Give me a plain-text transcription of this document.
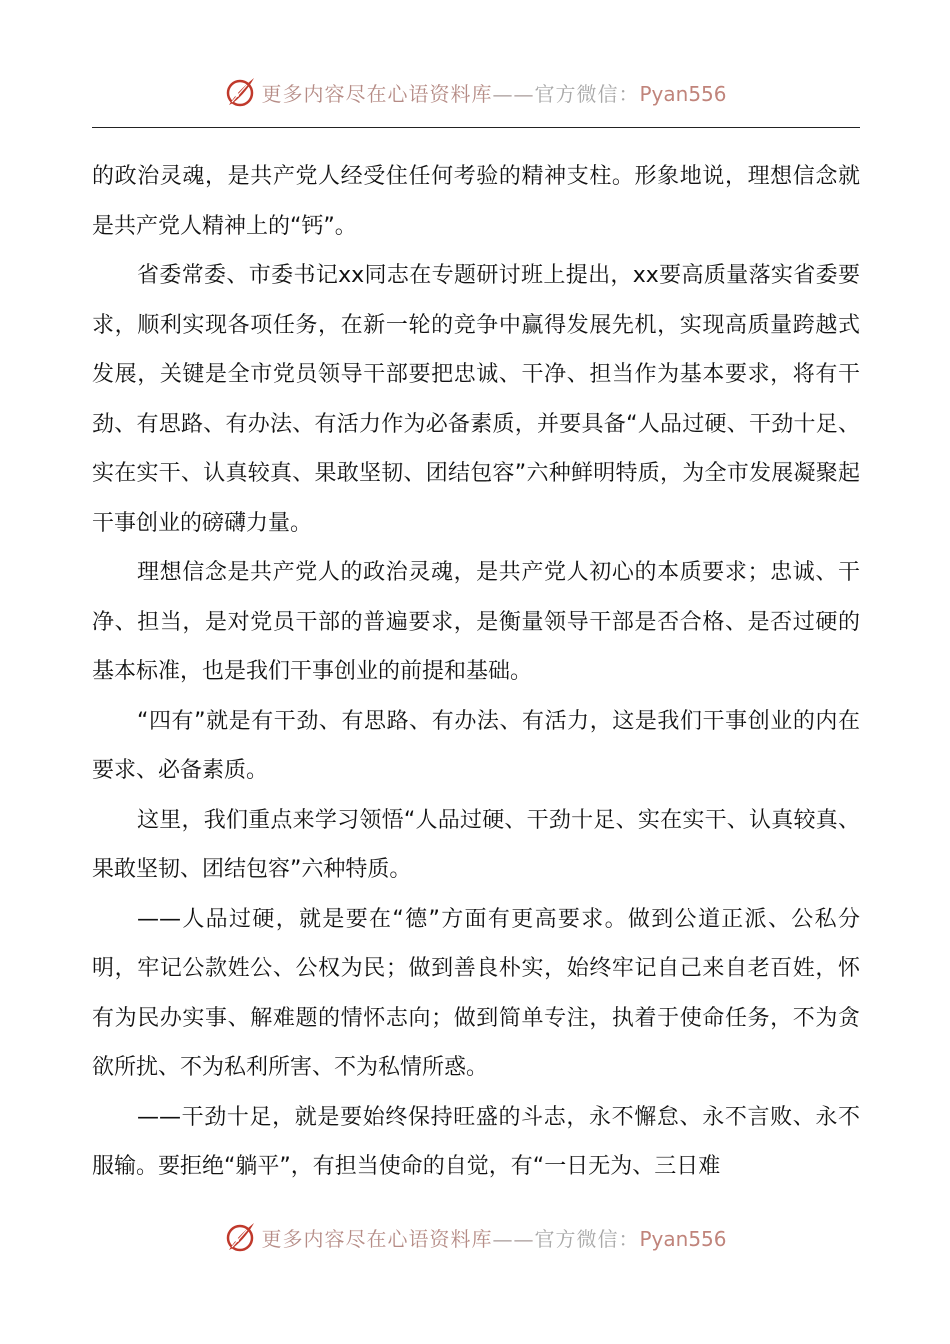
更多内容尽在心语资料库——官方微信：Pyan556

的政治灵魂，是共产党人经受住任何考验的精神支柱。形象地说，理想信念就是共产党人精神上的“钙”。

省委常委、市委书记xx同志在专题研讨班上提出，xx要高质量落实省委要求，顺利实现各项任务，在新一轮的竞争中赢得发展先机，实现高质量跨越式发展，关键是全市党员领导干部要把忠诚、干净、担当作为基本要求，将有干劲、有思路、有办法、有活力作为必备素质，并要具备“人品过硬、干劲十足、实在实干、认真较真、果敢坚韧、团结包容”六种鲜明特质，为全市发展凝聚起干事创业的磅礴力量。

理想信念是共产党人的政治灵魂，是共产党人初心的本质要求；忠诚、干净、担当，是对党员干部的普遍要求，是衡量领导干部是否合格、是否过硬的基本标准，也是我们干事创业的前提和基础。

“四有”就是有干劲、有思路、有办法、有活力，这是我们干事创业的内在要求、必备素质。

这里，我们重点来学习领悟“人品过硬、干劲十足、实在实干、认真较真、果敢坚韧、团结包容”六种特质。

——人品过硬，就是要在“德”方面有更高要求。做到公道正派、公私分明，牢记公款姓公、公权为民；做到善良朴实，始终牢记自己来自老百姓，怀有为民办实事、解难题的情怀志向；做到简单专注，执着于使命任务，不为贪欲所扰、不为私利所害、不为私情所惑。

——干劲十足，就是要始终保持旺盛的斗志，永不懈怠、永不言败、永不服输。要拒绝“躺平”，有担当使命的自觉，有“一日无为、三日难

更多内容尽在心语资料库——官方微信：Pyan556
